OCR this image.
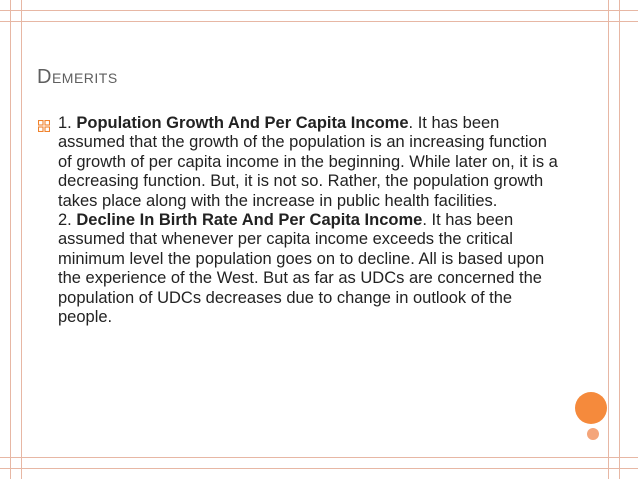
Demerits

1. Population Growth And Per Capita Income. It has been assumed that the growth of the population is an increasing function of growth of per capita income in the beginning. While later on, it is a decreasing function. But, it is not so. Rather, the population growth takes place along with the increase in public health facilities.

2. Decline In Birth Rate And Per Capita Income. It has been assumed that whenever per capita income exceeds the critical minimum level the population goes on to decline. All is based upon the experience of the West. But as far as UDCs are concerned the population of UDCs decreases due to change in outlook of the people.
